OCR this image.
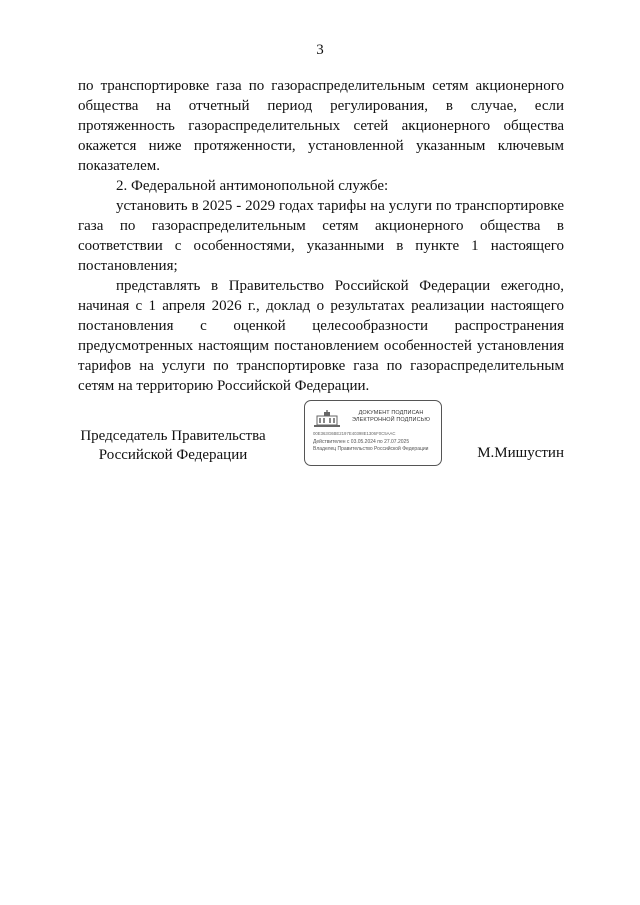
3

по транспортировке газа по газораспределительным сетям акционерного общества на отчетный период регулирования, в случае, если протяженность газораспределительных сетей акционерного общества окажется ниже протяженности, установленной указанным ключевым показателем.

2. Федеральной антимонопольной службе:

установить в 2025 - 2029 годах тарифы на услуги по транспортировке газа по газораспределительным сетям акционерного общества в соответствии с особенностями, указанными в пункте 1 настоящего постановления;

представлять в Правительство Российской Федерации ежегодно, начиная с 1 апреля 2026 г., доклад о результатах реализации настоящего постановления с оценкой целесообразности распространения предусмотренных настоящим постановлением особенностей установления тарифов на услуги по транспортировке газа по газораспределительным сетям на территорию Российской Федерации.

Председатель Правительства
Российской Федерации
ДОКУМЕНТ ПОДПИСАН
ЭЛЕКТРОННОЙ ПОДПИСЬЮ
00E363G6BE2197E40398E1306F0C5AAC
Действителен с 03.05.2024 по 27.07.2025
Владелец Правительство Российской Федерации	М.Мишустин
